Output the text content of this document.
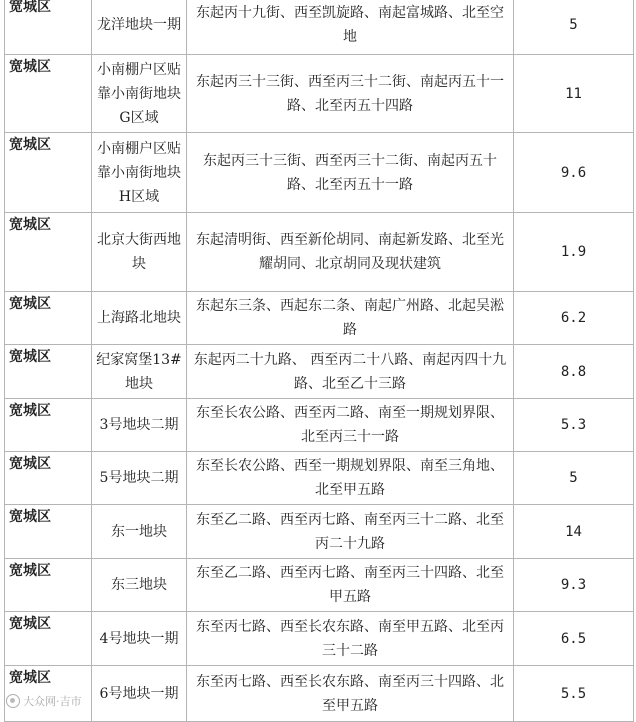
宽城区	龙洋地块一期	东起丙十九街、西至凯旋路、南起富城路、北至空地	5
宽城区	小南棚户区贴靠小南街地块G区域	东起丙三十三街、西至丙三十二街、南起丙五十一路、北至丙五十四路	11
宽城区	小南棚户区贴靠小南街地块H区域	东起丙三十三街、西至丙三十二街、南起丙五十路、北至丙五十一路	9.6
宽城区	北京大街西地块	东起清明街、西至新伦胡同、南起新发路、北至光耀胡同、北京胡同及现状建筑	1.9
宽城区	上海路北地块	东起东三条、西起东二条、南起广州路、北起吴淞路	6.2
宽城区	纪家窝堡13#地块	东起丙二十九路、 西至丙二十八路、南起丙四十九路、北至乙十三路	8.8
宽城区	3号地块二期	东至长农公路、西至丙二路、南至一期规划界限、北至丙三十一路	5.3
宽城区	5号地块二期	东至长农公路、西至一期规划界限、南至三角地、北至甲五路	5
宽城区	东一地块	东至乙二路、西至丙七路、南至丙三十二路、北至丙二十九路	14
宽城区	东三地块	东至乙二路、西至丙七路、南至丙三十四路、北至甲五路	9.3
宽城区	4号地块一期	东至丙七路、西至长农东路、南至甲五路、北至丙三十二路	6.5
宽城区	6号地块一期	东至丙七路、西至长农东路、南至丙三十四路、北至甲五路	5.5
大众网·吉市
